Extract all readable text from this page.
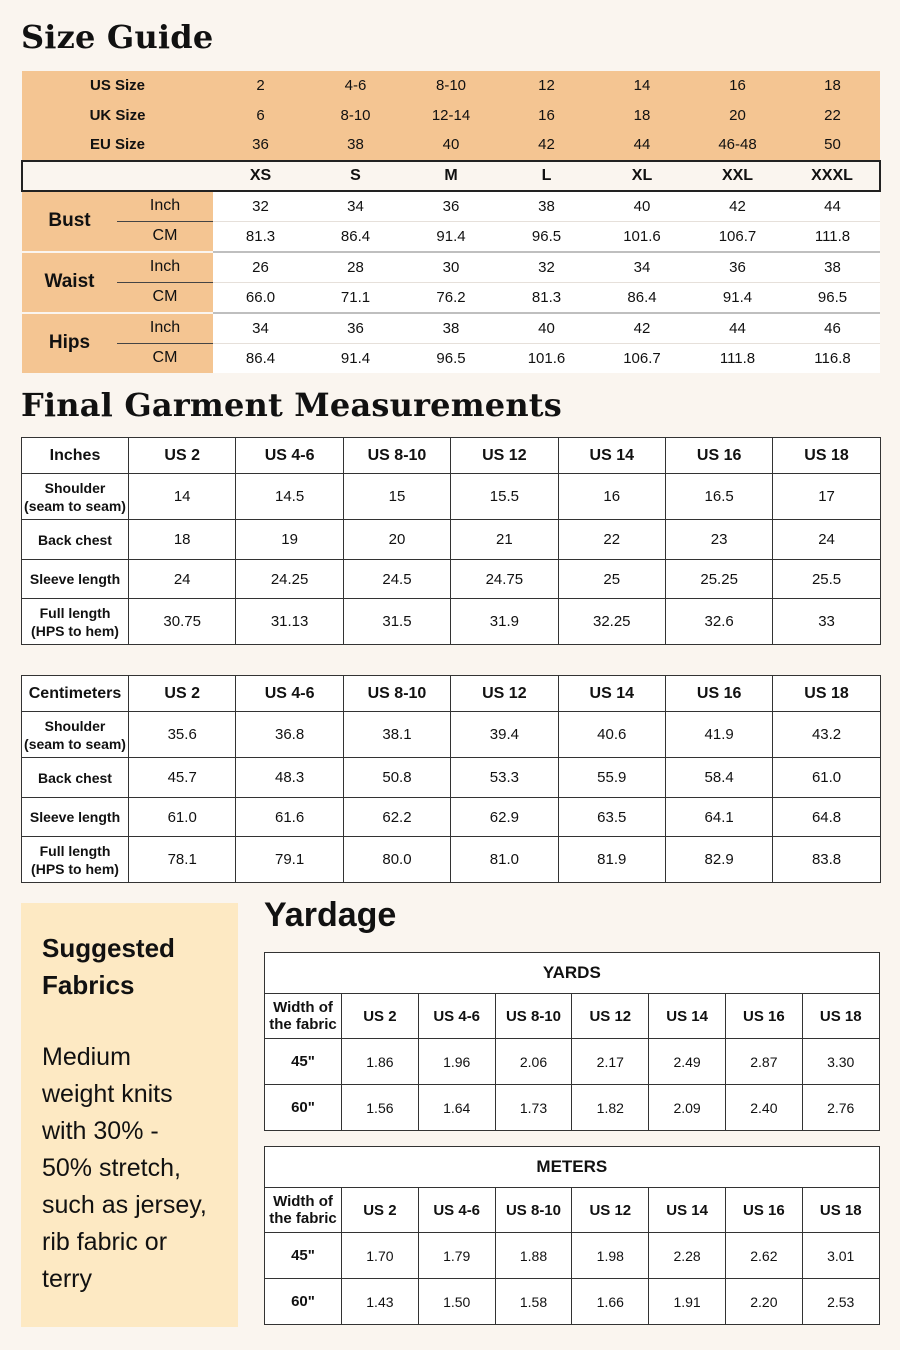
Size Guide
US Size		2	4-6	8-10	12	14	16	18
UK Size		6	8-10	12-14	16	18	20	22
EU Size		36	38	40	42	44	46-48	50
		XS	S	M	L	XL	XXL	XXXL
Bust	Inch	32	34	36	38	40	42	44
	CM	81.3	86.4	91.4	96.5	101.6	106.7	111.8
Waist	Inch	26	28	30	32	34	36	38
	CM	66.0	71.1	76.2	81.3	86.4	91.4	96.5
Hips	Inch	34	36	38	40	42	44	46
	CM	86.4	91.4	96.5	101.6	106.7	111.8	116.8
Final Garment Measurements
Inches	US 2	US 4-6	US 8-10	US 12	US 14	US 16	US 18

Shoulder
(seam to seam)	14	14.5	15	15.5	16	16.5	17

Back chest	18	19	20	21	22	23	24

Sleeve length	24	24.25	24.5	24.75	25	25.25	25.5

Full length
(HPS to hem)	30.75	31.13	31.5	31.9	32.25	32.6	33
Centimeters	US 2	US 4-6	US 8-10	US 12	US 14	US 16	US 18

Shoulder
(seam to seam)	35.6	36.8	38.1	39.4	40.6	41.9	43.2

Back chest	45.7	48.3	50.8	53.3	55.9	58.4	61.0

Sleeve length	61.0	61.6	62.2	62.9	63.5	64.1	64.8

Full length
(HPS to hem)	78.1	79.1	80.0	81.0	81.9	82.9	83.8
Suggested
Fabrics
Medium
weight knits
with 30% -
50% stretch,
such as jersey,
rib fabric or
terry
Yardage
YARDS							

Width of
the fabric	US 2	US 4-6	US 8-10	US 12	US 14	US 16	US 18
45"	1.86	1.96	2.06	2.17	2.49	2.87	3.30
60"	1.56	1.64	1.73	1.82	2.09	2.40	2.76
METERS							

Width of
the fabric	US 2	US 4-6	US 8-10	US 12	US 14	US 16	US 18
45"	1.70	1.79	1.88	1.98	2.28	2.62	3.01
60"	1.43	1.50	1.58	1.66	1.91	2.20	2.53
